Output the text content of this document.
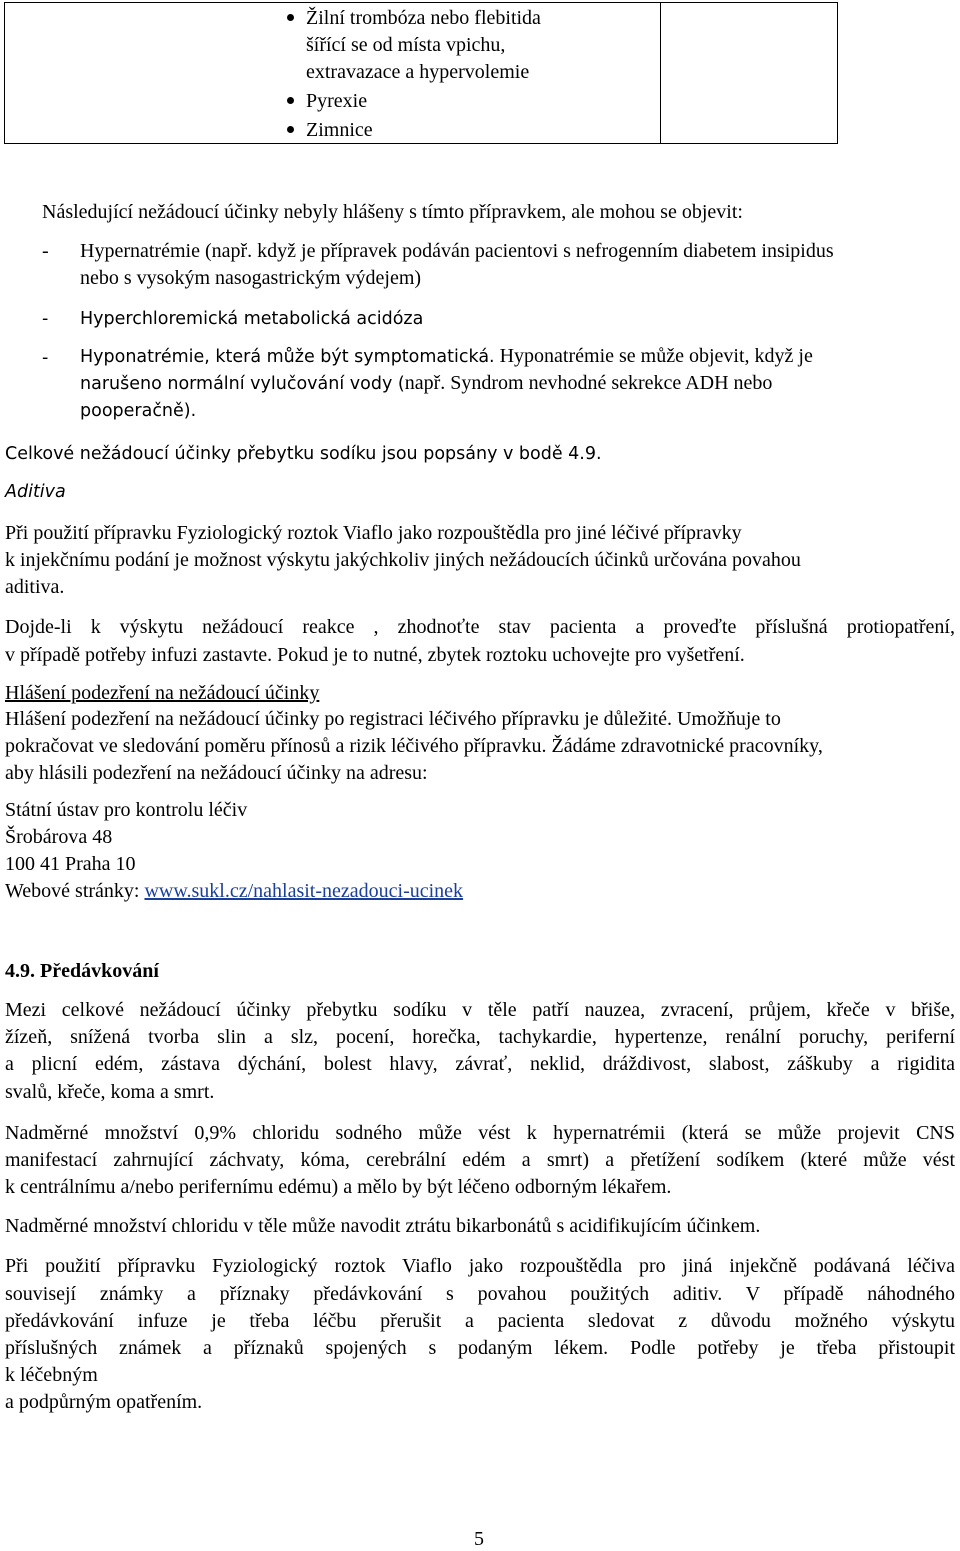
Žilní trombóza nebo flebitida
šířící se od místa vpichu,
extravazace a hypervolemie
Pyrexie
Zimnice
Následující nežádoucí účinky nebyly hlášeny s tímto přípravkem, ale mohou se objevit:
- Hypernatrémie (např. když je přípravek podáván pacientovi s nefrogenním diabetem insipidus
nebo s vysokým nasogastrickým výdejem)
- Hyperchloremická metabolická acidóza
- Hyponatrémie, která může být symptomatická. Hyponatrémie se může objevit, když je
narušeno normální vylučování vody (např. Syndrom nevhodné sekrekce ADH nebo
pooperačně).
Celkové nežádoucí účinky přebytku sodíku jsou popsány v bodě 4.9.
Aditiva
Při použití přípravku Fyziologický roztok Viaflo jako rozpouštědla pro jiné léčivé přípravky
k injekčnímu podání je možnost výskytu jakýchkoliv jiných nežádoucích účinků určována povahou
aditiva.
Dojde-li k výskytu nežádoucí reakce , zhodnoťte stav pacienta a proveďte příslušná protiopatření,
v případě potřeby infuzi zastavte. Pokud je to nutné, zbytek roztoku uchovejte pro vyšetření.
Hlášení podezření na nežádoucí účinky
Hlášení podezření na nežádoucí účinky po registraci léčivého přípravku je důležité. Umožňuje to
pokračovat ve sledování poměru přínosů a rizik léčivého přípravku. Žádáme zdravotnické pracovníky,
aby hlásili podezření na nežádoucí účinky na adresu:
Státní ústav pro kontrolu léčiv
Šrobárova 48
100 41 Praha 10
Webové stránky: www.sukl.cz/nahlasit-nezadouci-ucinek
4.9. Předávkování
Mezi celkové nežádoucí účinky přebytku sodíku v těle patří nauzea, zvracení, průjem, křeče v břiše,
žízeň, snížená tvorba slin a slz, pocení, horečka, tachykardie, hypertenze, renální poruchy, periferní
a plicní edém, zástava dýchání, bolest hlavy, závrať, neklid, dráždivost, slabost, záškuby a rigidita
svalů, křeče, koma a smrt.
Nadměrné množství 0,9% chloridu sodného může vést k hypernatrémii (která se může projevit CNS
manifestací zahrnující záchvaty, kóma, cerebrální edém a smrt) a přetížení sodíkem (které může vést
k centrálnímu a/nebo perifernímu edému) a mělo by být léčeno odborným lékařem.
Nadměrné množství chloridu v těle může navodit ztrátu bikarbonátů s acidifikujícím účinkem.
Při použití přípravku Fyziologický roztok Viaflo jako rozpouštědla pro jiná injekčně podávaná léčiva
souvisejí známky a příznaky předávkování s povahou použitých aditiv. V případě náhodného
předávkování infuze je třeba léčbu přerušit a pacienta sledovat z důvodu možného výskytu
příslušných známek a příznaků spojených s podaným lékem. Podle potřeby je třeba přistoupit
k léčebným
a podpůrným opatřením.
5
